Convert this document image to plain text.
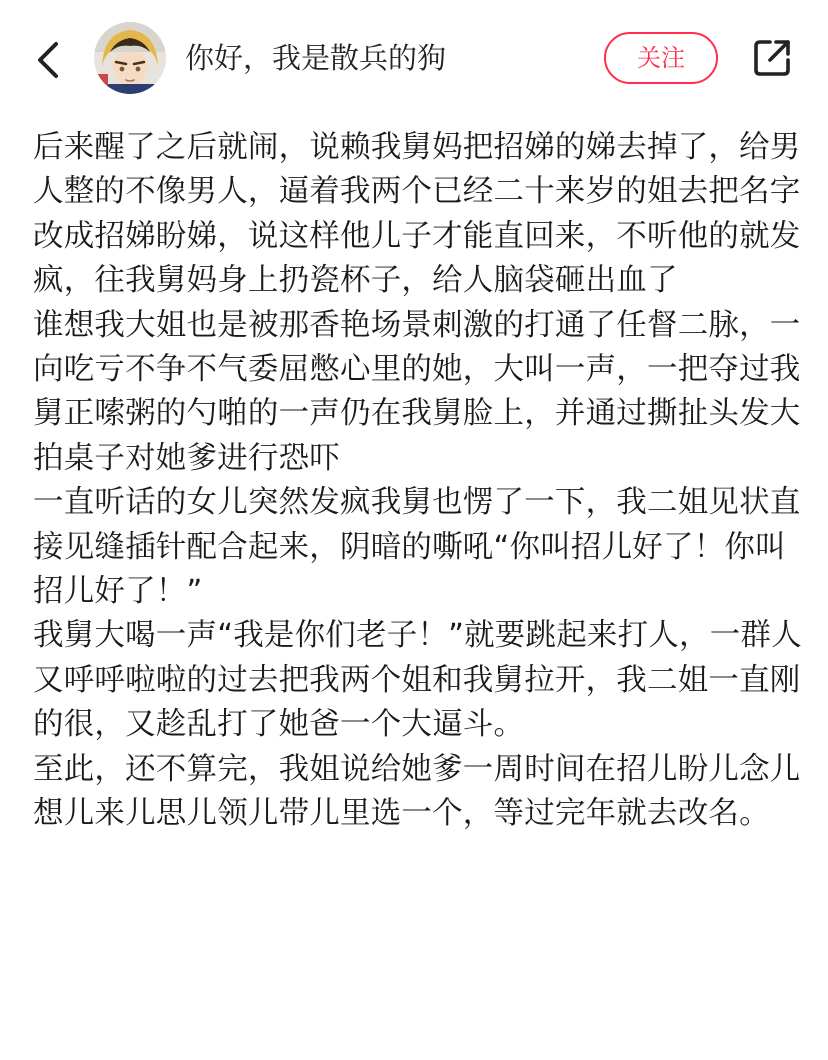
你好，我是散兵的狗	关注

后来醒了之后就闹，说赖我舅妈把招娣的娣去掉了，给男人整的不像男人，逼着我两个已经二十来岁的姐去把名字改成招娣盼娣，说这样他儿子才能直回来，不听他的就发疯，往我舅妈身上扔瓷杯子，给人脑袋砸出血了

谁想我大姐也是被那香艳场景刺激的打通了任督二脉，一向吃亏不争不气委屈憋心里的她，大叫一声，一把夺过我舅正嗦粥的勺啪的一声仍在我舅脸上，并通过撕扯头发大拍桌子对她爹进行恐吓

一直听话的女儿突然发疯我舅也愣了一下，我二姐见状直接见缝插针配合起来，阴暗的嘶吼“你叫招儿好了！你叫招儿好了！”

我舅大喝一声“我是你们老子！”就要跳起来打人，一群人又呼呼啦啦的过去把我两个姐和我舅拉开，我二姐一直刚的很，又趁乱打了她爸一个大逼斗。

至此，还不算完，我姐说给她爹一周时间在招儿盼儿念儿想儿来儿思儿领儿带儿里选一个，等过完年就去改名。
